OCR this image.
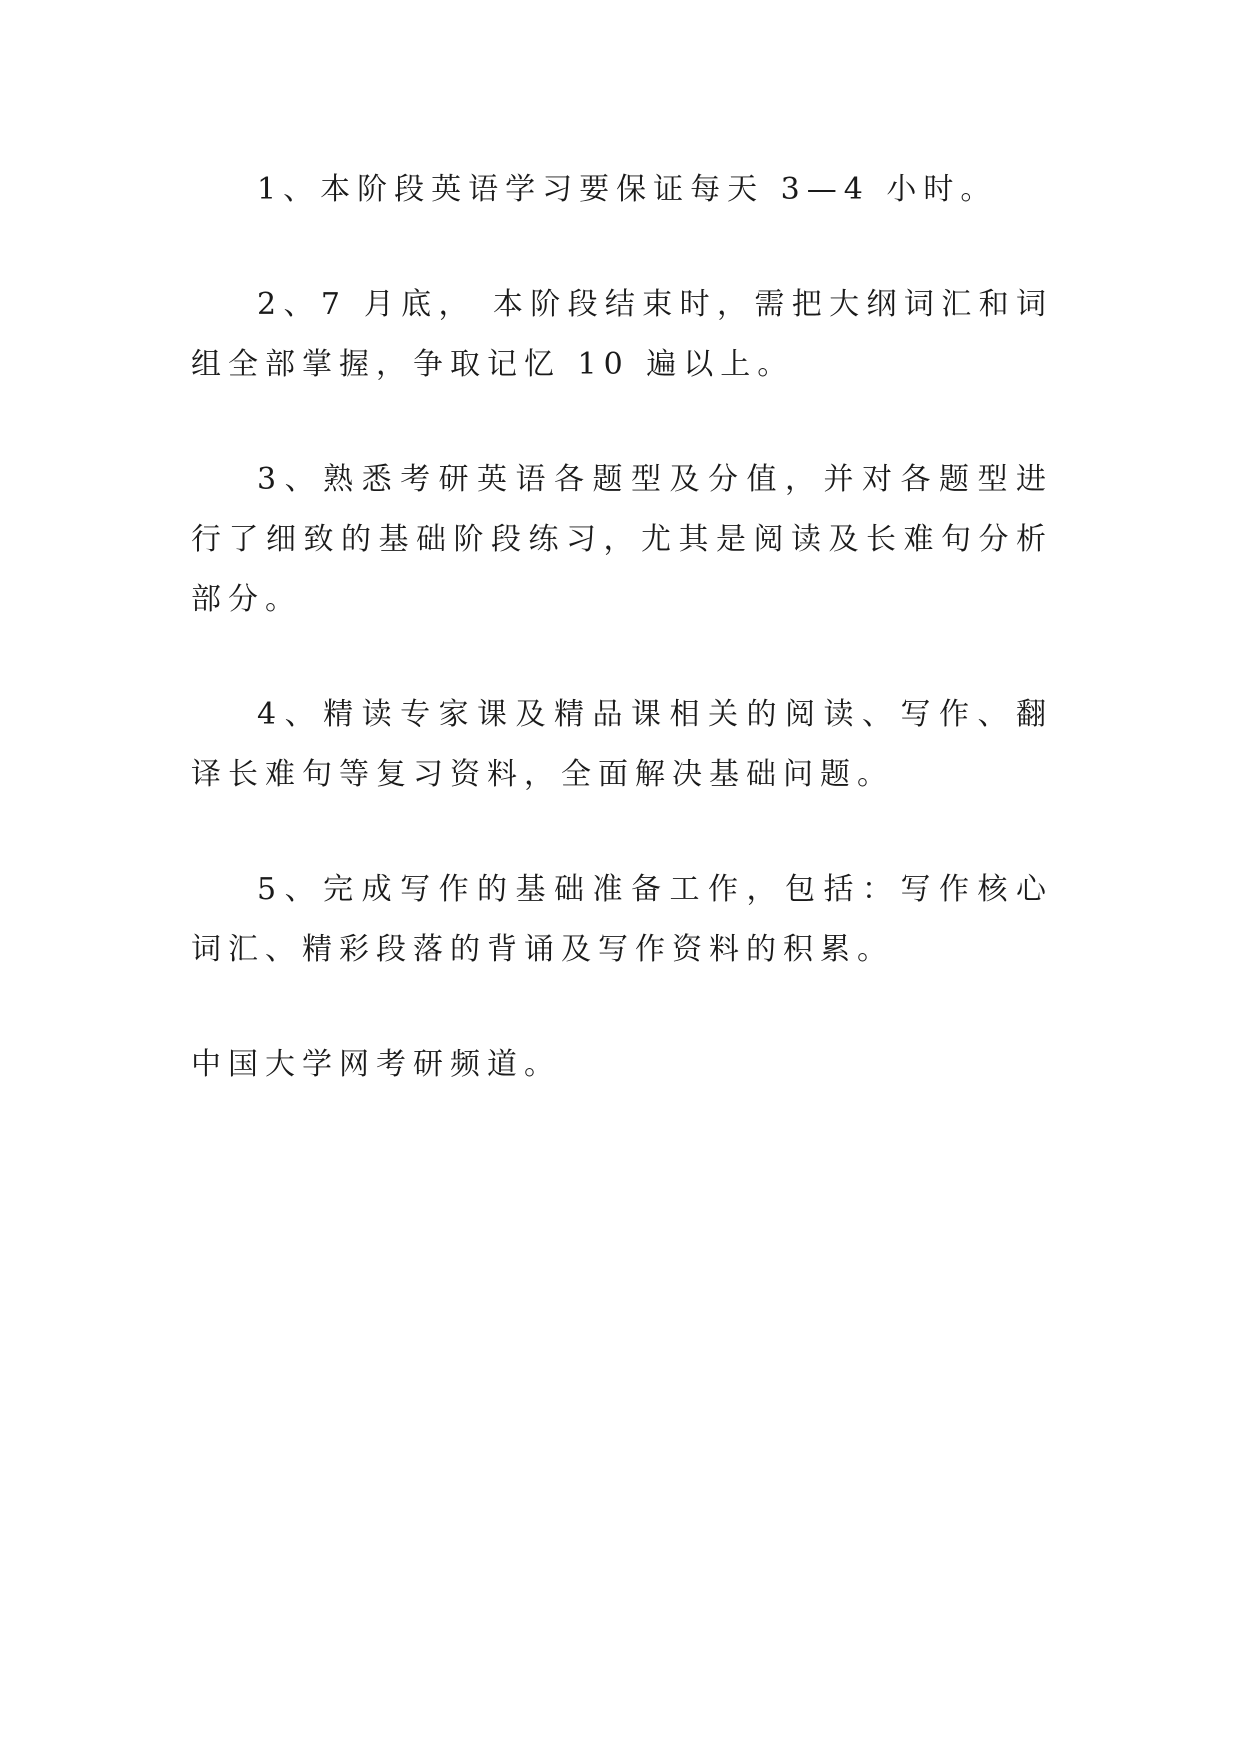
1、本阶段英语学习要保证每天 3—4 小时。

2、7 月底， 本阶段结束时，需把大纲词汇和词组全部掌握，争取记忆 10 遍以上。

3、熟悉考研英语各题型及分值，并对各题型进行了细致的基础阶段练习，尤其是阅读及长难句分析部分。

4、精读专家课及精品课相关的阅读、写作、翻译长难句等复习资料，全面解决基础问题。

5、完成写作的基础准备工作，包括：写作核心词汇、精彩段落的背诵及写作资料的积累。

中国大学网考研频道。
